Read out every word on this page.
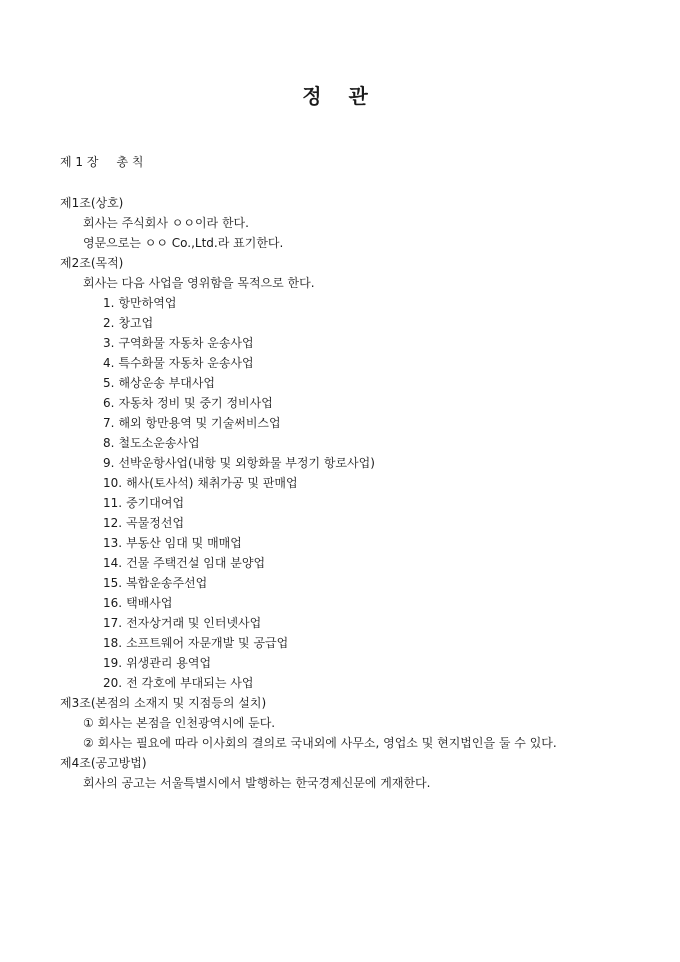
정 관
제 1 장 총 칙
제1조(상호)
회사는 주식회사 ㅇㅇ이라 한다.
영문으로는 ㅇㅇ Co.,Ltd.라 표기한다.
제2조(목적)
회사는 다음 사업을 영위함을 목적으로 한다.
1. 항만하역업
2. 창고업
3. 구역화물 자동차 운송사업
4. 특수화물 자동차 운송사업
5. 해상운송 부대사업
6. 자동차 정비 및 중기 정비사업
7. 해외 항만용역 및 기술써비스업
8. 철도소운송사업
9. 선박운항사업(내항 및 외항화물 부정기 항로사업)
10. 해사(토사석) 채취가공 및 판매업
11. 중기대여업
12. 곡물정선업
13. 부동산 임대 및 매매업
14. 건물 주택건설 임대 분양업
15. 복합운송주선업
16. 택배사업
17. 전자상거래 및 인터넷사업
18. 소프트웨어 자문개발 및 공급업
19. 위생관리 용역업
20. 전 각호에 부대되는 사업
제3조(본점의 소재지 및 지점등의 설치)
① 회사는 본점을 인천광역시에 둔다.
② 회사는 필요에 따라 이사회의 결의로 국내외에 사무소, 영업소 및 현지법인을 둘 수 있다.
제4조(공고방법)
회사의 공고는 서울특별시에서 발행하는 한국경제신문에 게재한다.
